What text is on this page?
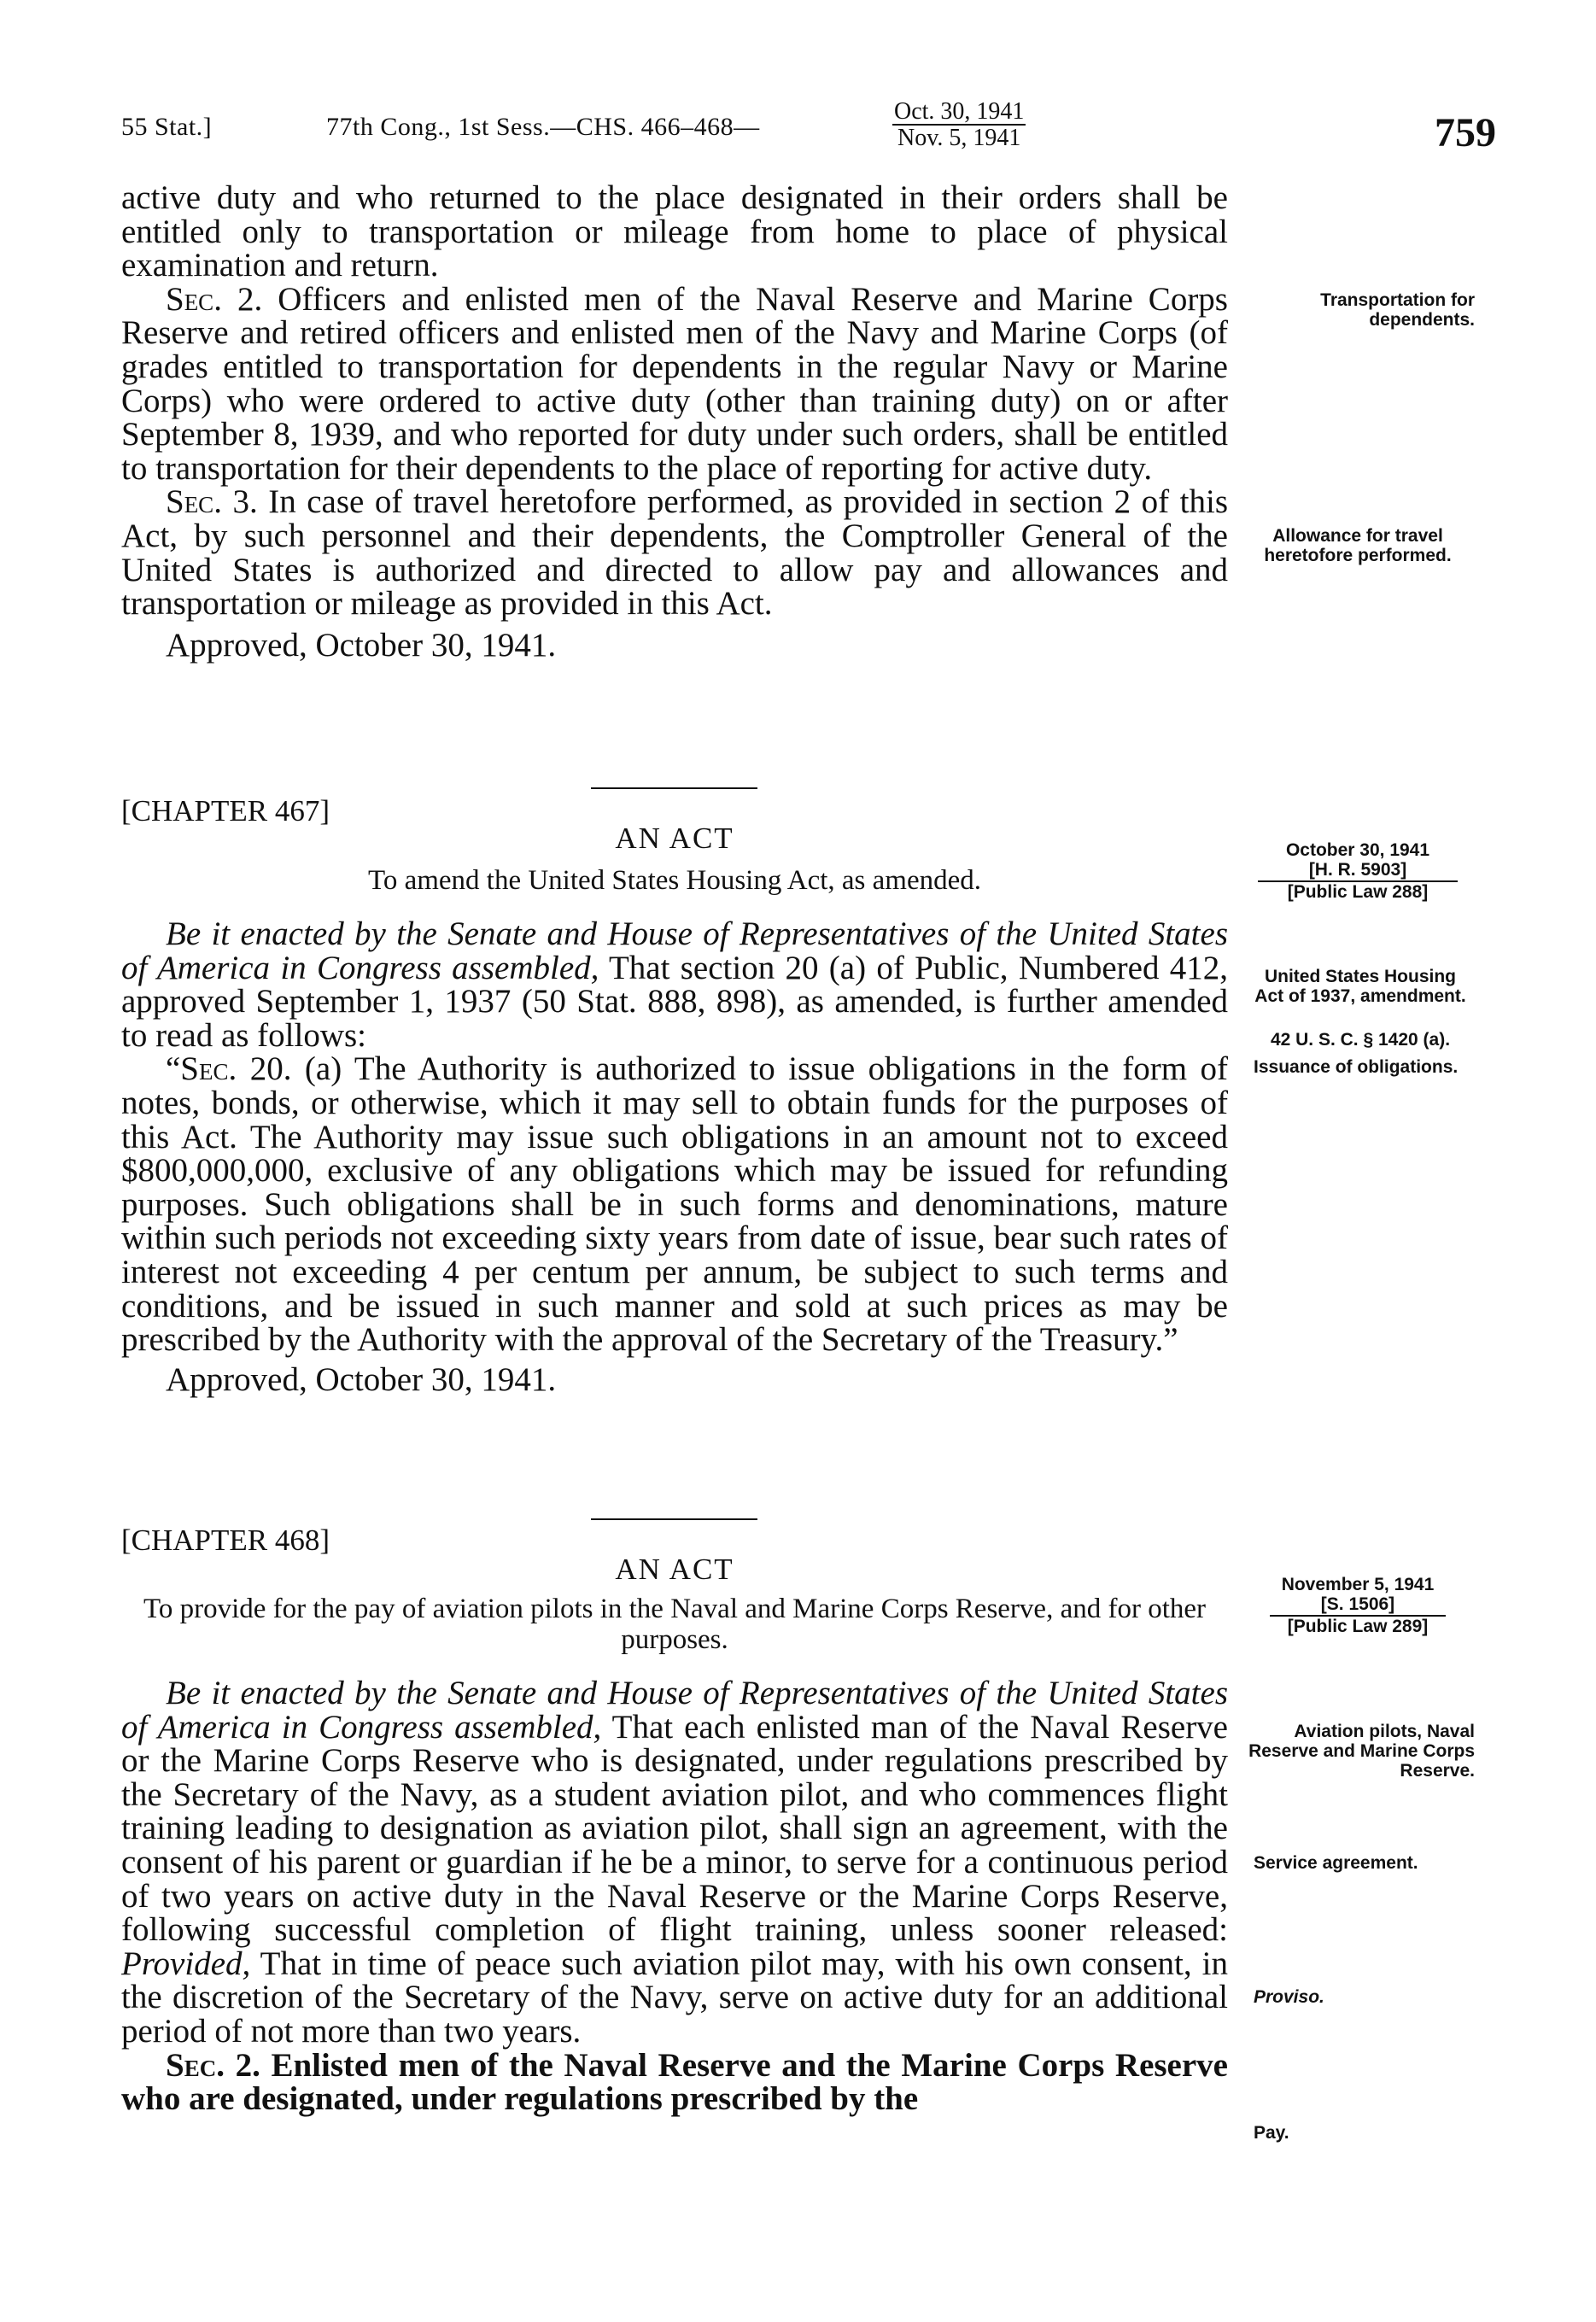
55 Stat.]	77th Cong., 1st Sess.—CHS. 466–468—
Oct. 30, 1941
Nov. 5, 1941	759

active duty and who returned to the place designated in their orders shall be entitled only to transportation or mileage from home to place of physical examination and return.

Sec. 2. Officers and enlisted men of the Naval Reserve and Marine Corps Reserve and retired officers and enlisted men of the Navy and Marine Corps (of grades entitled to transportation for dependents in the regular Navy or Marine Corps) who were ordered to active duty (other than training duty) on or after September 8, 1939, and who reported for duty under such orders, shall be entitled to transportation for their dependents to the place of reporting for active duty.

Sec. 3. In case of travel heretofore performed, as provided in section 2 of this Act, by such personnel and their dependents, the Comptroller General of the United States is authorized and directed to allow pay and allowances and transportation or mileage as provided in this Act.

Approved, October 30, 1941.
Transportation for dependents.
Allowance for travel heretofore performed.
[CHAPTER 467]
AN ACT
To amend the United States Housing Act, as amended.
October 30, 1941
[H. R. 5903]
[Public Law 288]

Be it enacted by the Senate and House of Representatives of the United States of America in Congress assembled, That section 20 (a) of Public, Numbered 412, approved September 1, 1937 (50 Stat. 888, 898), as amended, is further amended to read as follows:

“Sec. 20. (a) The Authority is authorized to issue obligations in the form of notes, bonds, or otherwise, which it may sell to obtain funds for the purposes of this Act. The Authority may issue such obligations in an amount not to exceed $800,000,000, exclusive of any obligations which may be issued for refunding purposes. Such obligations shall be in such forms and denominations, mature within such periods not exceeding sixty years from date of issue, bear such rates of interest not exceeding 4 per centum per annum, be subject to such terms and conditions, and be issued in such manner and sold at such prices as may be prescribed by the Authority with the approval of the Secretary of the Treasury.”

Approved, October 30, 1941.
United States Housing Act of 1937, amendment.
42 U. S. C. § 1420 (a).
Issuance of obligations.
[CHAPTER 468]
AN ACT
To provide for the pay of aviation pilots in the Naval and Marine Corps Reserve, and for other purposes.
November 5, 1941
[S. 1506]
[Public Law 289]

Be it enacted by the Senate and House of Representatives of the United States of America in Congress assembled, That each enlisted man of the Naval Reserve or the Marine Corps Reserve who is designated, under regulations prescribed by the Secretary of the Navy, as a student aviation pilot, and who commences flight training leading to designation as aviation pilot, shall sign an agreement, with the consent of his parent or guardian if he be a minor, to serve for a continuous period of two years on active duty in the Naval Reserve or the Marine Corps Reserve, following successful completion of flight training, unless sooner released: Provided, That in time of peace such aviation pilot may, with his own consent, in the discretion of the Secretary of the Navy, serve on active duty for an additional period of not more than two years.

Sec. 2. Enlisted men of the Naval Reserve and the Marine Corps Reserve who are designated, under regulations prescribed by the

Aviation pilots, Naval Reserve and Marine Corps Reserve.
Service agreement.
Proviso.
Pay.
